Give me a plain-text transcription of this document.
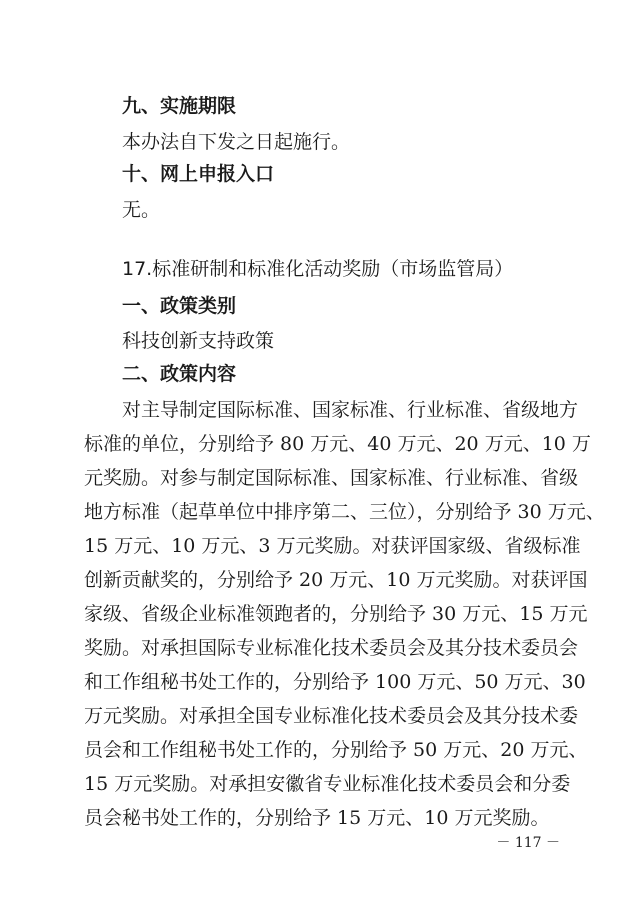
九、实施期限
本办法自下发之日起施行。
十、网上申报入口
无。
17.标准研制和标准化活动奖励（市场监管局）
一、政策类别
科技创新支持政策
二、政策内容
对主导制定国际标准、国家标准、行业标准、省级地方
标准的单位，分别给予 80 万元、40 万元、20 万元、10 万
元奖励。对参与制定国际标准、国家标准、行业标准、省级
地方标准（起草单位中排序第二、三位），分别给予 30 万元、
15 万元、10 万元、3 万元奖励。对获评国家级、省级标准
创新贡献奖的，分别给予 20 万元、10 万元奖励。对获评国
家级、省级企业标准领跑者的，分别给予 30 万元、15 万元
奖励。对承担国际专业标准化技术委员会及其分技术委员会
和工作组秘书处工作的，分别给予 100 万元、50 万元、30
万元奖励。对承担全国专业标准化技术委员会及其分技术委
员会和工作组秘书处工作的，分别给予 50 万元、20 万元、
15 万元奖励。对承担安徽省专业标准化技术委员会和分委
员会秘书处工作的，分别给予 15 万元、10 万元奖励。
－ 117 －
